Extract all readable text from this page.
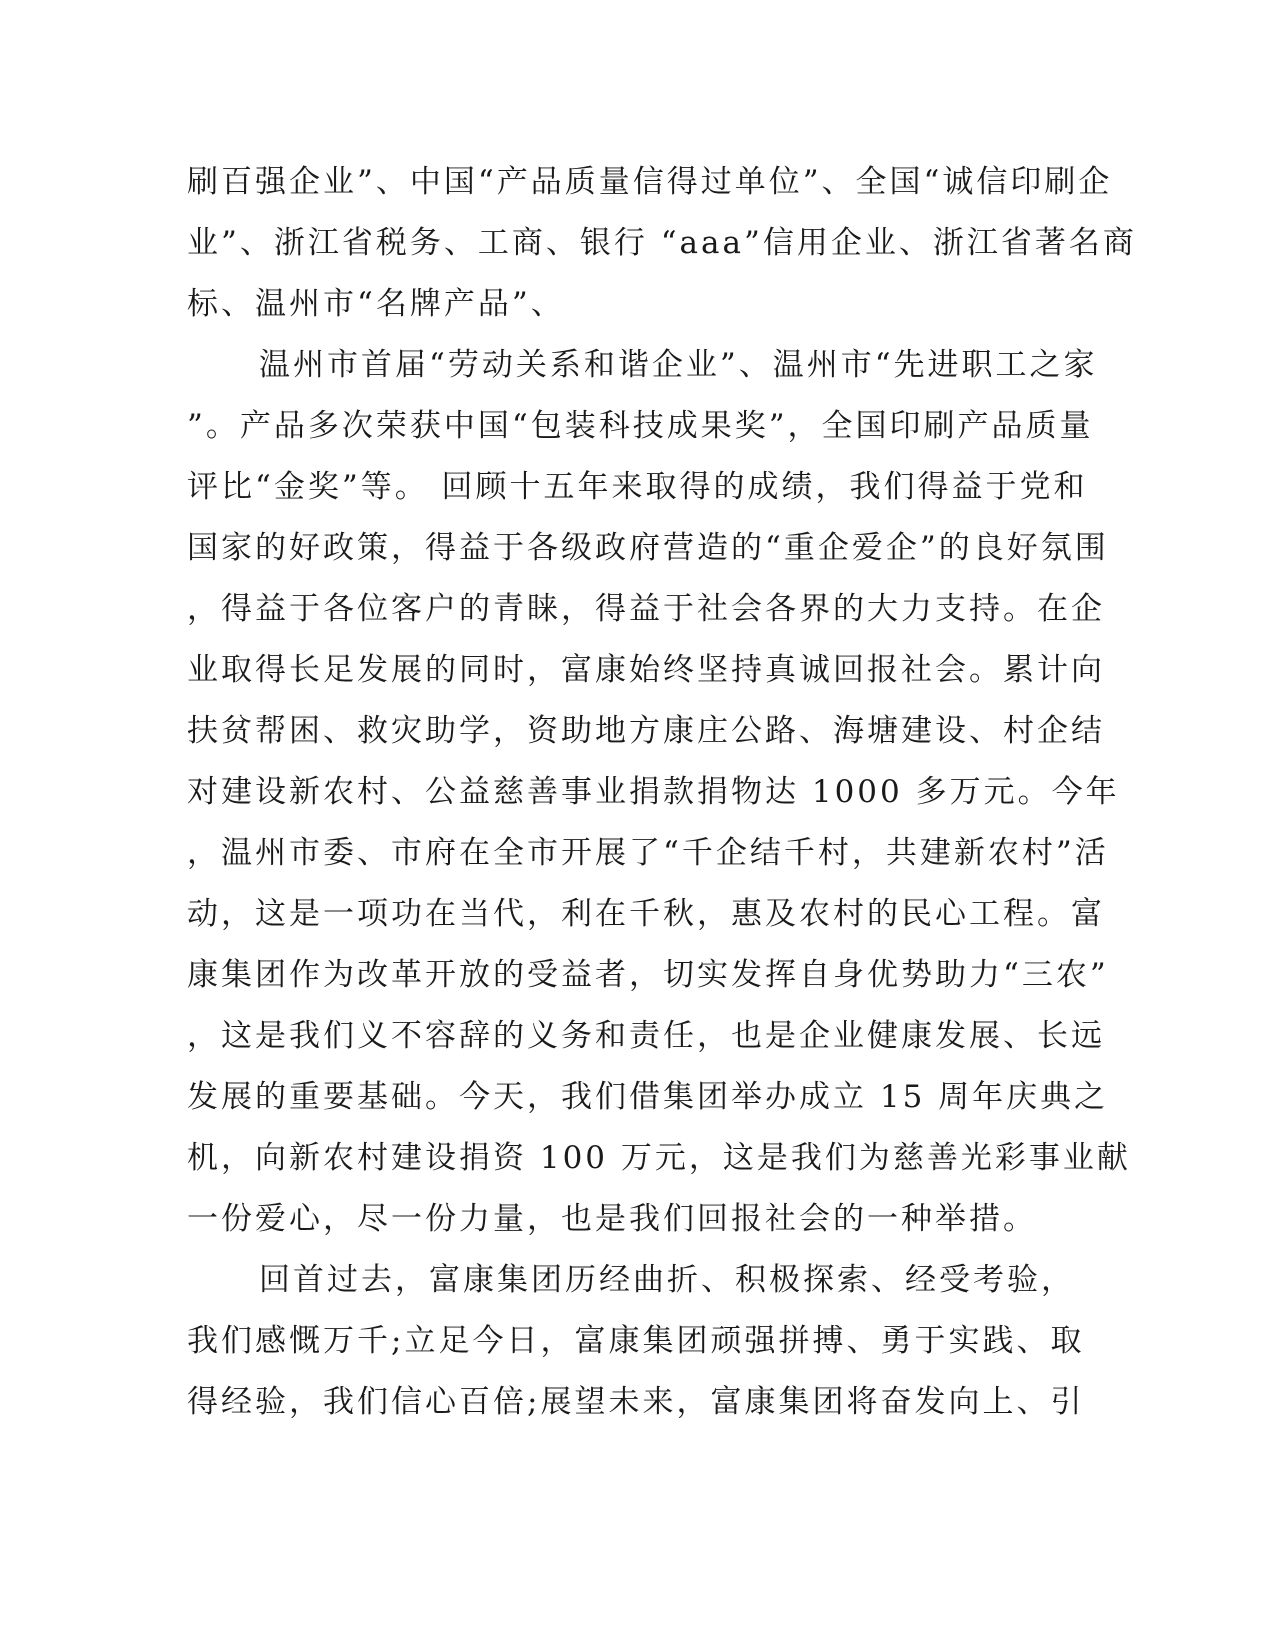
刷百强企业”、中国“产品质量信得过单位”、全国“诚信印刷企
业”、浙江省税务、工商、银行 “aaa”信用企业、浙江省著名商
标、温州市“名牌产品”、
温州市首届“劳动关系和谐企业”、温州市“先进职工之家
”。产品多次荣获中国“包装科技成果奖”，全国印刷产品质量
评比“金奖”等。 回顾十五年来取得的成绩，我们得益于党和
国家的好政策，得益于各级政府营造的“重企爱企”的良好氛围
，得益于各位客户的青睐，得益于社会各界的大力支持。在企
业取得长足发展的同时，富康始终坚持真诚回报社会。累计向
扶贫帮困、救灾助学，资助地方康庄公路、海塘建设、村企结
对建设新农村、公益慈善事业捐款捐物达 1000 多万元。今年
，温州市委、市府在全市开展了“千企结千村，共建新农村”活
动，这是一项功在当代，利在千秋，惠及农村的民心工程。富
康集团作为改革开放的受益者，切实发挥自身优势助力“三农”
，这是我们义不容辞的义务和责任，也是企业健康发展、长远
发展的重要基础。今天，我们借集团举办成立 15 周年庆典之
机，向新农村建设捐资 100 万元，这是我们为慈善光彩事业献
一份爱心，尽一份力量，也是我们回报社会的一种举措。
回首过去，富康集团历经曲折、积极探索、经受考验，
我们感慨万千;立足今日，富康集团顽强拼搏、勇于实践、取
得经验，我们信心百倍;展望未来，富康集团将奋发向上、引
